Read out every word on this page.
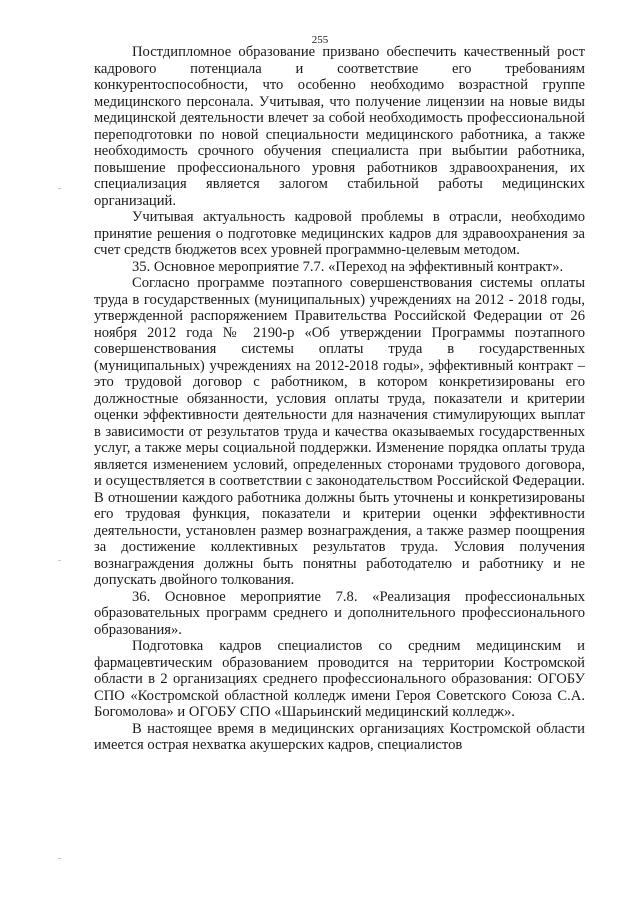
255

Постдипломное образование призвано обеспечить качественный рост кадрового потенциала и соответствие его требованиям конкурентоспособности, что особенно необходимо возрастной группе медицинского персонала. Учитывая, что получение лицензии на новые виды медицинской деятельности влечет за собой необходимость профессиональной переподготовки по новой специальности медицинского работника, а также необходимость срочного обучения специалиста при выбытии работника, повышение профессионального уровня работников здравоохранения, их специализация является залогом стабильной работы медицинских организаций.

Учитывая актуальность кадровой проблемы в отрасли, необходимо принятие решения о подготовке медицинских кадров для здравоохранения за счет средств бюджетов всех уровней программно-целевым методом.

35. Основное мероприятие 7.7. «Переход на эффективный контракт».

Согласно программе поэтапного совершенствования системы оплаты труда в государственных (муниципальных) учреждениях на 2012 - 2018 годы, утвержденной распоряжением Правительства Российской Федерации от 26 ноября 2012 года № 2190-р «Об утверждении Программы поэтапного совершенствования системы оплаты труда в государственных (муниципальных) учреждениях на 2012-2018 годы», эффективный контракт – это трудовой договор с работником, в котором конкретизированы его должностные обязанности, условия оплаты труда, показатели и критерии оценки эффективности деятельности для назначения стимулирующих выплат в зависимости от результатов труда и качества оказываемых государственных услуг, а также меры социальной поддержки. Изменение порядка оплаты труда является изменением условий, определенных сторонами трудового договора, и осуществляется в соответствии с законодательством Российской Федерации. В отношении каждого работника должны быть уточнены и конкретизированы его трудовая функция, показатели и критерии оценки эффективности деятельности, установлен размер вознаграждения, а также размер поощрения за достижение коллективных результатов труда. Условия получения вознаграждения должны быть понятны работодателю и работнику и не допускать двойного толкования.

36. Основное мероприятие 7.8. «Реализация профессиональных образовательных программ среднего и дополнительного профессионального образования».

Подготовка кадров специалистов со средним медицинским и фармацевтическим образованием проводится на территории Костромской области в 2 организациях среднего профессионального образования: ОГОБУ СПО «Костромской областной колледж имени Героя Советского Союза С.А. Богомолова» и ОГОБУ СПО «Шарьинский медицинский колледж».

В настоящее время в медицинских организациях Костромской области имеется острая нехватка акушерских кадров, специалистов
